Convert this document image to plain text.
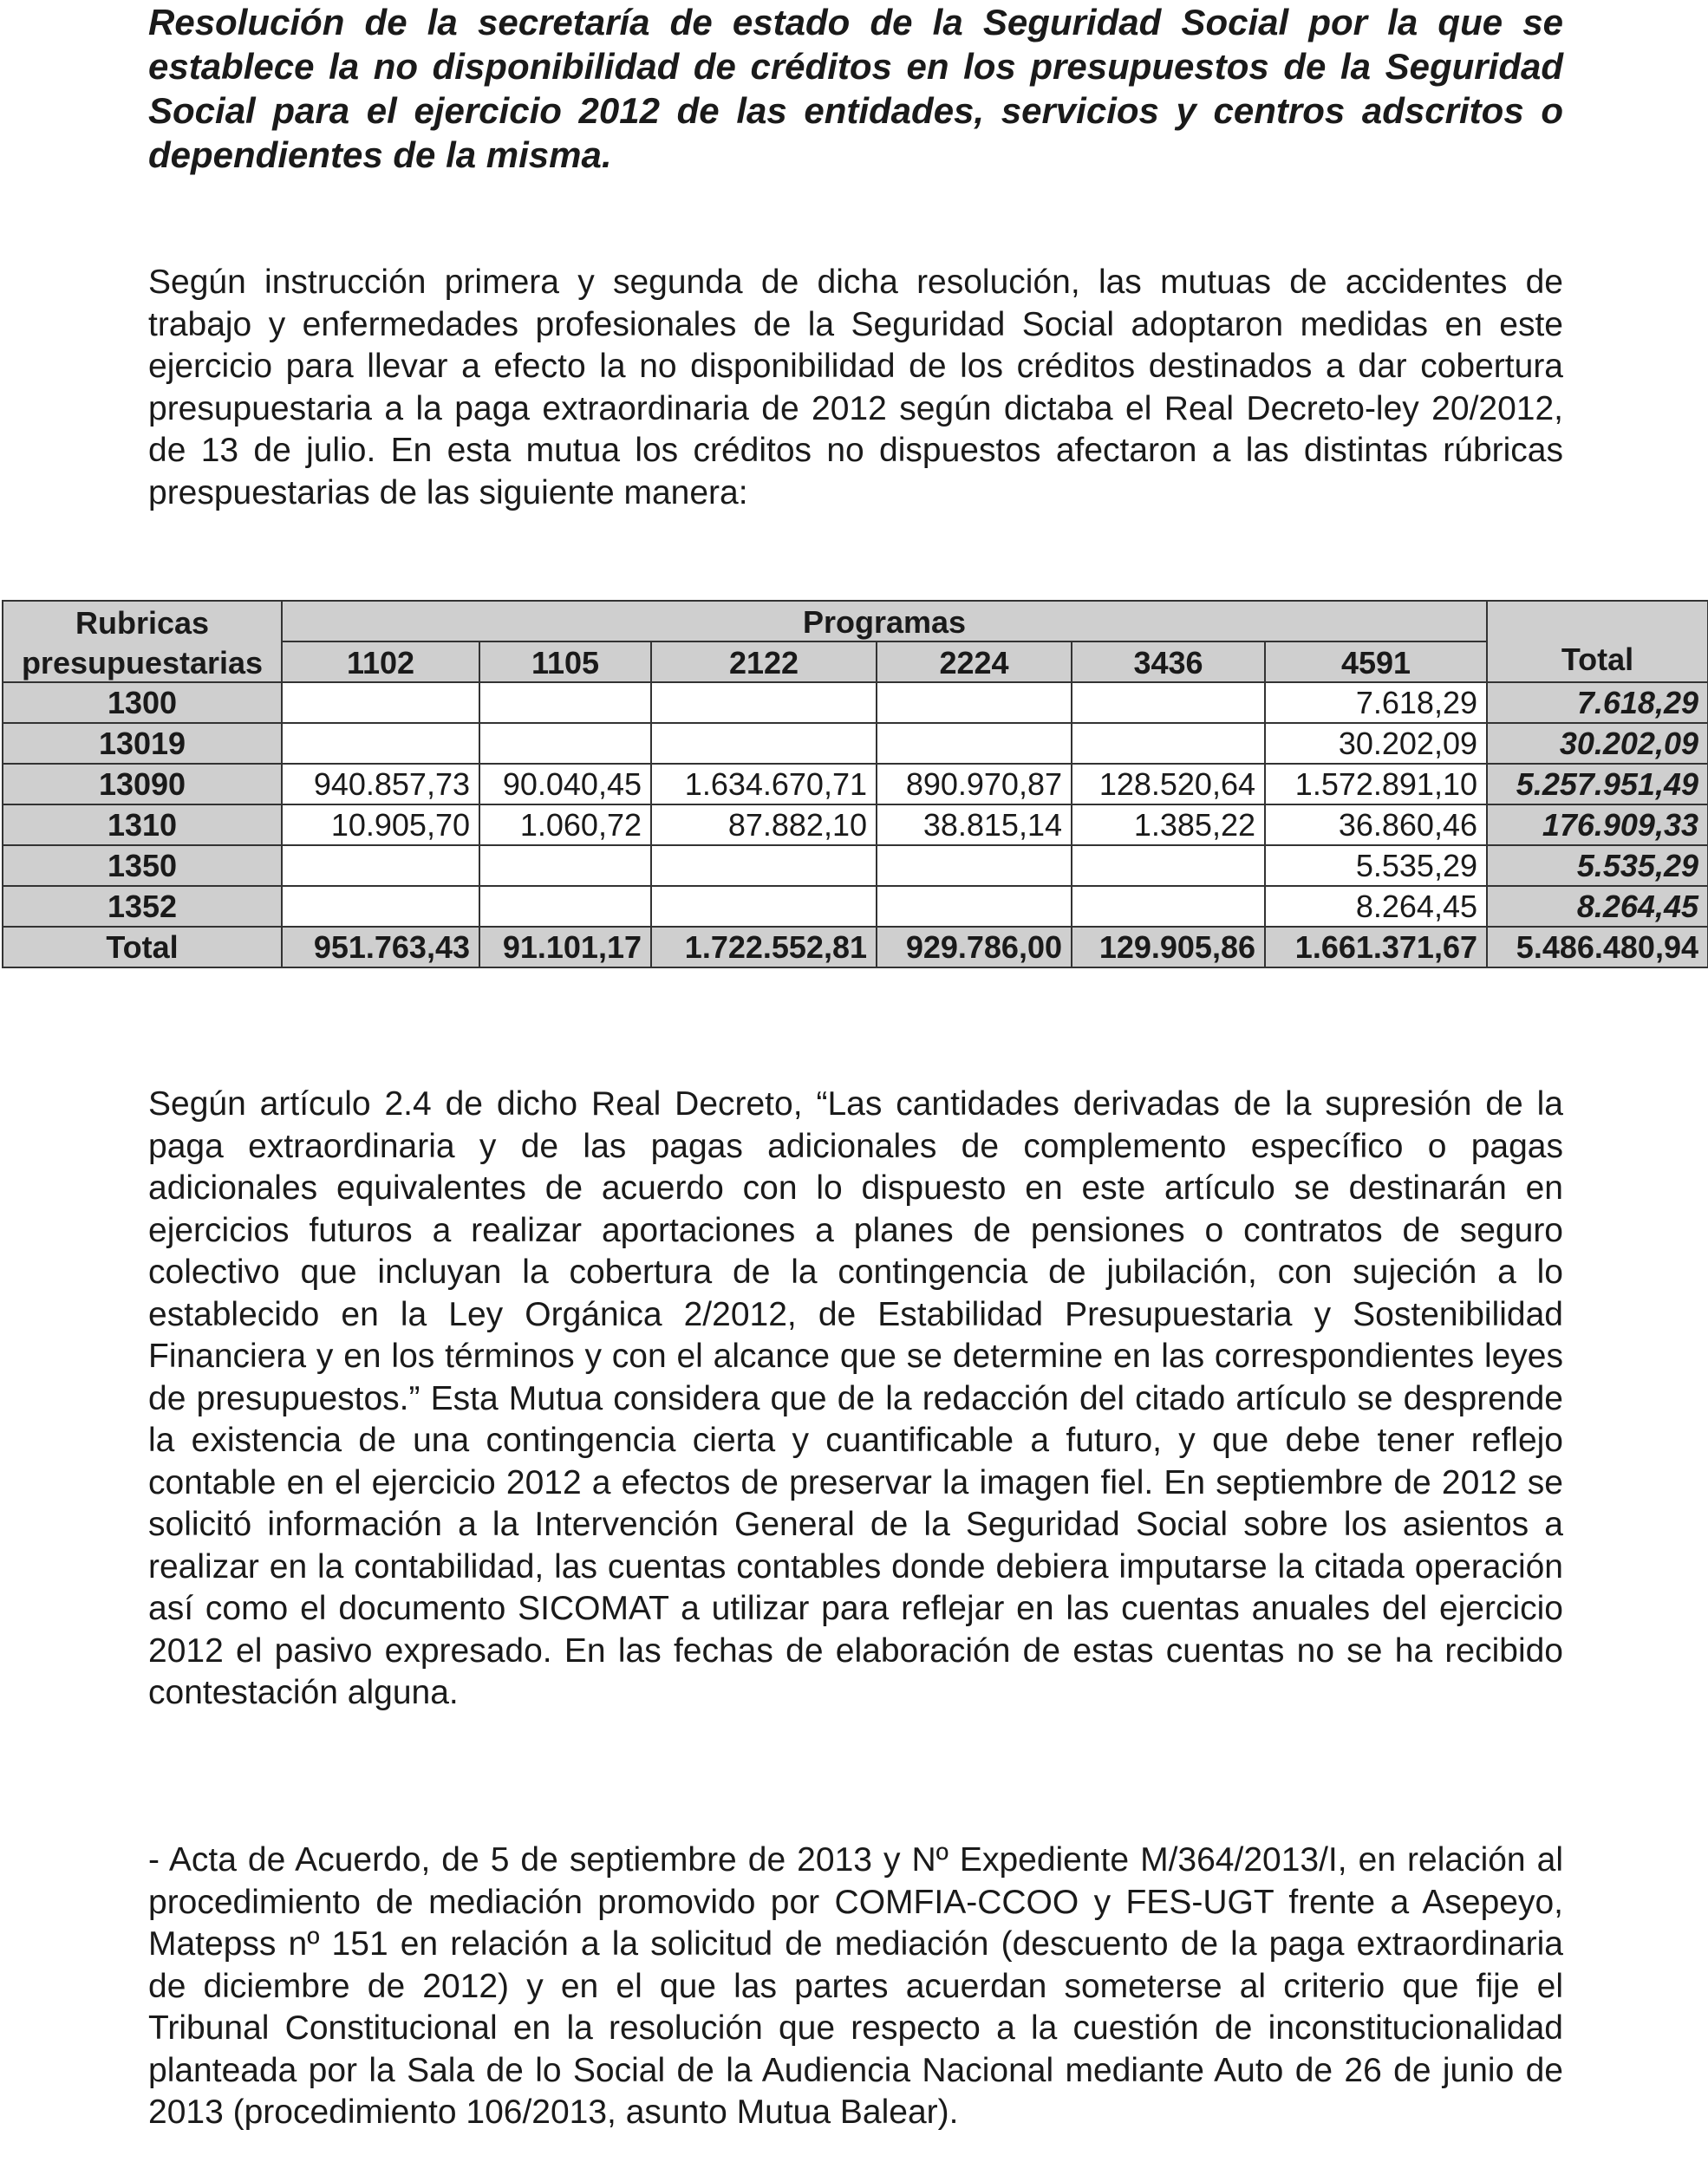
Resolución de la secretaría de estado de la Seguridad Social por la que se establece la no disponibilidad de créditos en los presupuestos de la Seguridad Social para el ejercicio 2012 de las entidades, servicios y centros adscritos o dependientes de la misma.

Según instrucción primera y segunda de dicha resolución, las mutuas de accidentes de trabajo y enfermedades profesionales de la Seguridad Social adoptaron medidas en este ejercicio para llevar a efecto la no disponibilidad de los créditos destinados a dar cobertura presupuestaria a la paga extraordinaria de 2012 según dictaba el Real Decreto-ley 20/2012, de 13 de julio. En esta mutua los créditos no dispuestos afectaron a las distintas rúbricas prespuestarias de las siguiente manera:

Rubricas	Programas						
presupuestarias	1102	1105	2122	2224	3436	4591	Total
1300						7.618,29	7.618,29
13019						30.202,09	30.202,09
13090	940.857,73	90.040,45	1.634.670,71	890.970,87	128.520,64	1.572.891,10	5.257.951,49
1310	10.905,70	1.060,72	87.882,10	38.815,14	1.385,22	36.860,46	176.909,33
1350						5.535,29	5.535,29
1352						8.264,45	8.264,45
Total	951.763,43	91.101,17	1.722.552,81	929.786,00	129.905,86	1.661.371,67	5.486.480,94

Según artículo 2.4 de dicho Real Decreto, “Las cantidades derivadas de la supresión de la paga extraordinaria y de las pagas adicionales de complemento específico o pagas adicionales equivalentes de acuerdo con lo dispuesto en este artículo se destinarán en ejercicios futuros a realizar aportaciones a planes de pensiones o contratos de seguro colectivo que incluyan la cobertura de la contingencia de jubilación, con sujeción a lo establecido en la Ley Orgánica 2/2012, de Estabilidad Presupuestaria y Sostenibilidad Financiera y en los términos y con el alcance que se determine en las correspondientes leyes de presupuestos.” Esta Mutua considera que de la redacción del citado artículo se desprende la existencia de una contingencia cierta y cuantificable a futuro, y que debe tener reflejo contable en el ejercicio 2012 a efectos de preservar la imagen fiel. En septiembre de 2012 se solicitó información a la Intervención General de la Seguridad Social sobre los asientos a realizar en la contabilidad, las cuentas contables donde debiera imputarse la citada operación así como el documento SICOMAT a utilizar para reflejar en las cuentas anuales del ejercicio 2012 el pasivo expresado. En las fechas de elaboración de estas cuentas no se ha recibido contestación alguna.

- Acta de Acuerdo, de 5 de septiembre de 2013 y Nº Expediente M/364/2013/I, en relación al procedimiento de mediación promovido por COMFIA-CCOO y FES-UGT frente a Asepeyo, Matepss nº 151 en relación a la solicitud de mediación (descuento de la paga extraordinaria de diciembre de 2012) y en el que las partes acuerdan someterse al criterio que fije el Tribunal Constitucional en la resolución que respecto a la cuestión de inconstitucionalidad planteada por la Sala de lo Social de la Audiencia Nacional mediante Auto de 26 de junio de 2013 (procedimiento 106/2013, asunto Mutua Balear).
